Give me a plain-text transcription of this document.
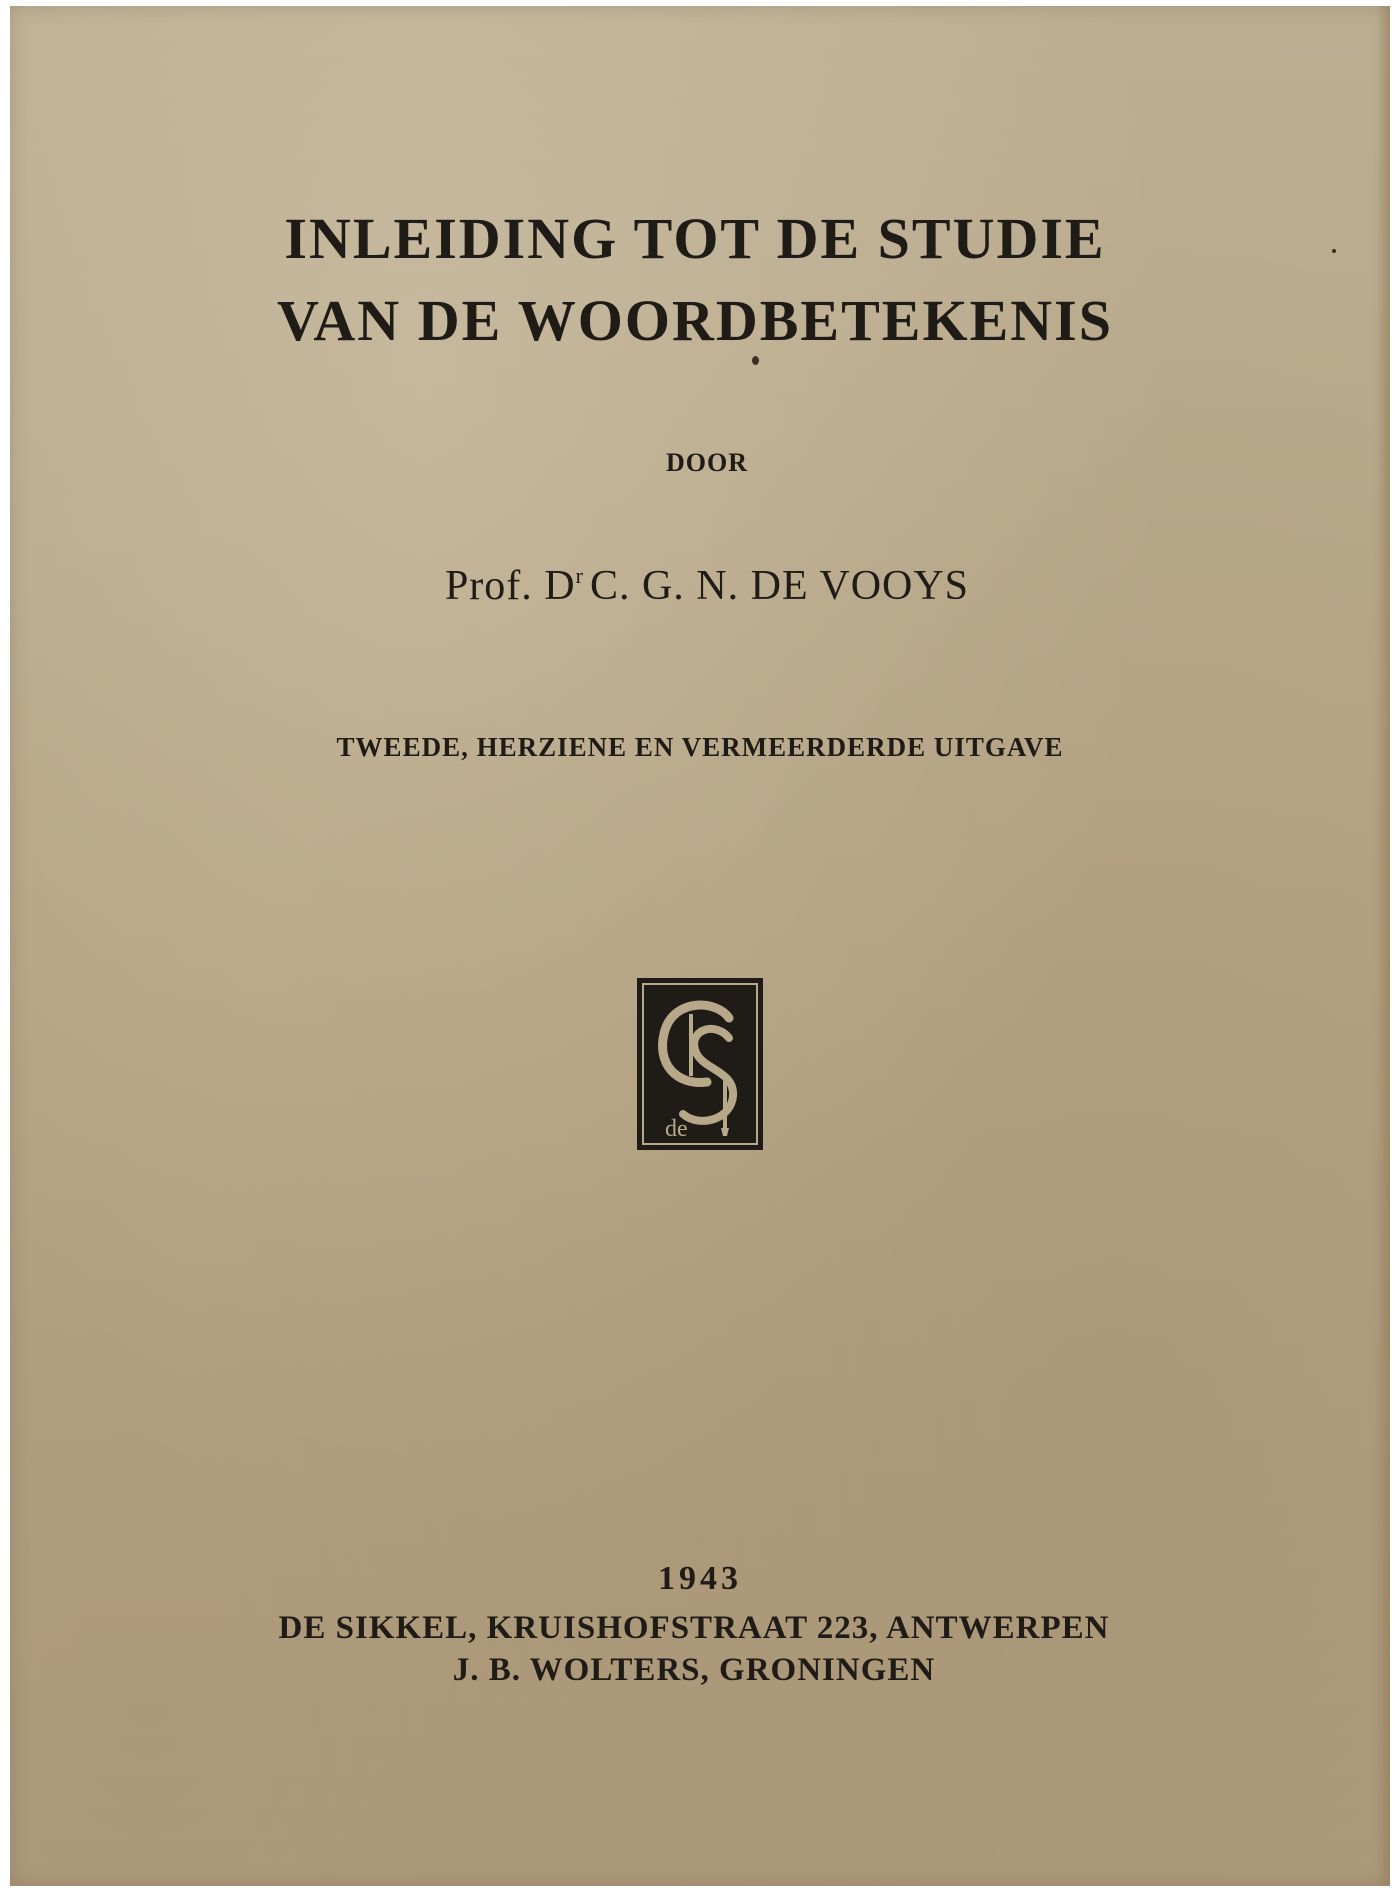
INLEIDING TOT DE STUDIE
VAN DE WOORDBETEKENIS

DOOR

Prof. $D^r$ C. G. N. DE VOOYS

TWEEDE, HERZIENE EN VERMEERDERDE UITGAVE

de

1943

DE SIKKEL, KRUISHOFSTRAAT 223, ANTWERPEN

J. B. WOLTERS, GRONINGEN
